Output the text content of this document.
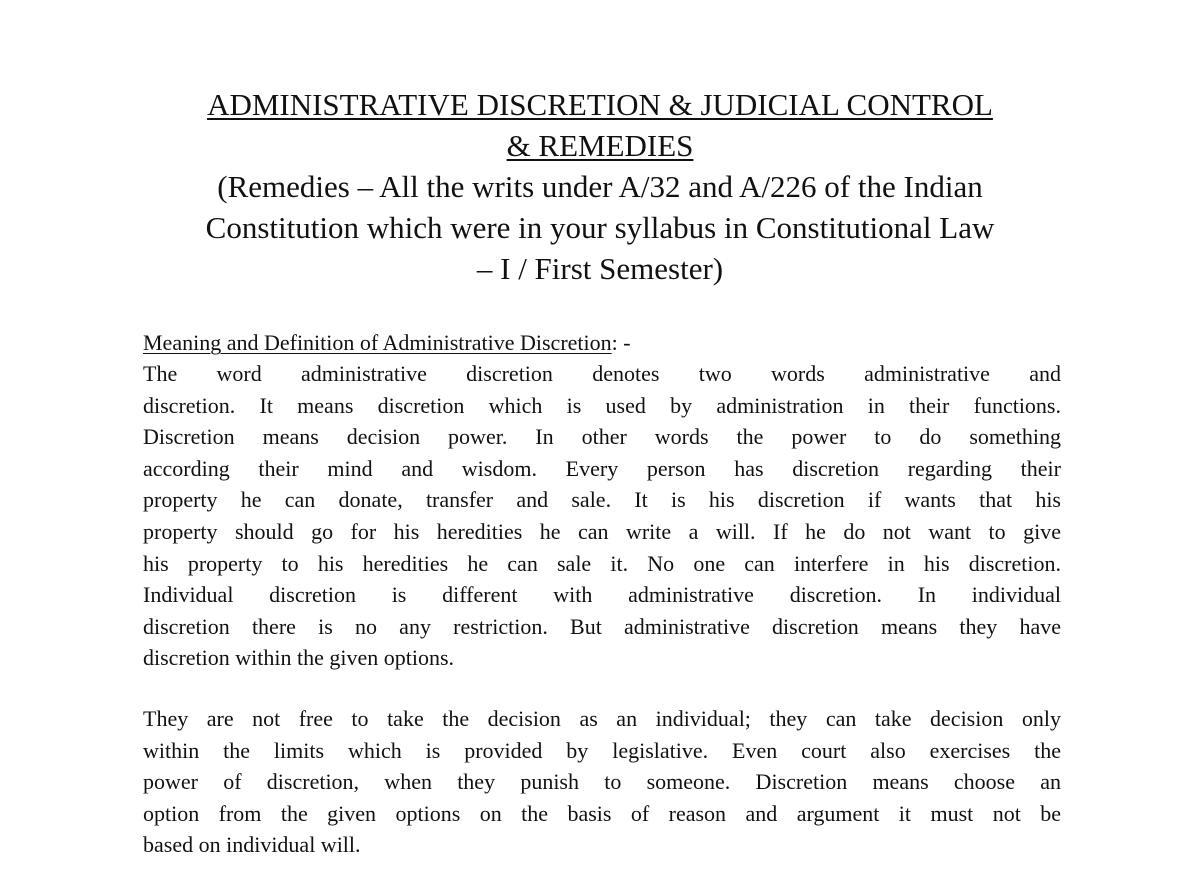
ADMINISTRATIVE DISCRETION & JUDICIAL CONTROL
& REMEDIES
(Remedies – All the writs under A/32 and A/226 of the Indian
Constitution which were in your syllabus in Constitutional Law
– I / First Semester)
Meaning and Definition of Administrative Discretion: -
The word administrative discretion denotes two words administrative and
discretion. It means discretion which is used by administration in their functions.
Discretion means decision power. In other words the power to do something
according their mind and wisdom. Every person has discretion regarding their
property he can donate, transfer and sale. It is his discretion if wants that his
property should go for his heredities he can write a will. If he do not want to give
his property to his heredities he can sale it. No one can interfere in his discretion.
Individual discretion is different with administrative discretion. In individual
discretion there is no any restriction. But administrative discretion means they have
discretion within the given options.
They are not free to take the decision as an individual; they can take decision only
within the limits which is provided by legislative. Even court also exercises the
power of discretion, when they punish to someone. Discretion means choose an
option from the given options on the basis of reason and argument it must not be
based on individual will.
